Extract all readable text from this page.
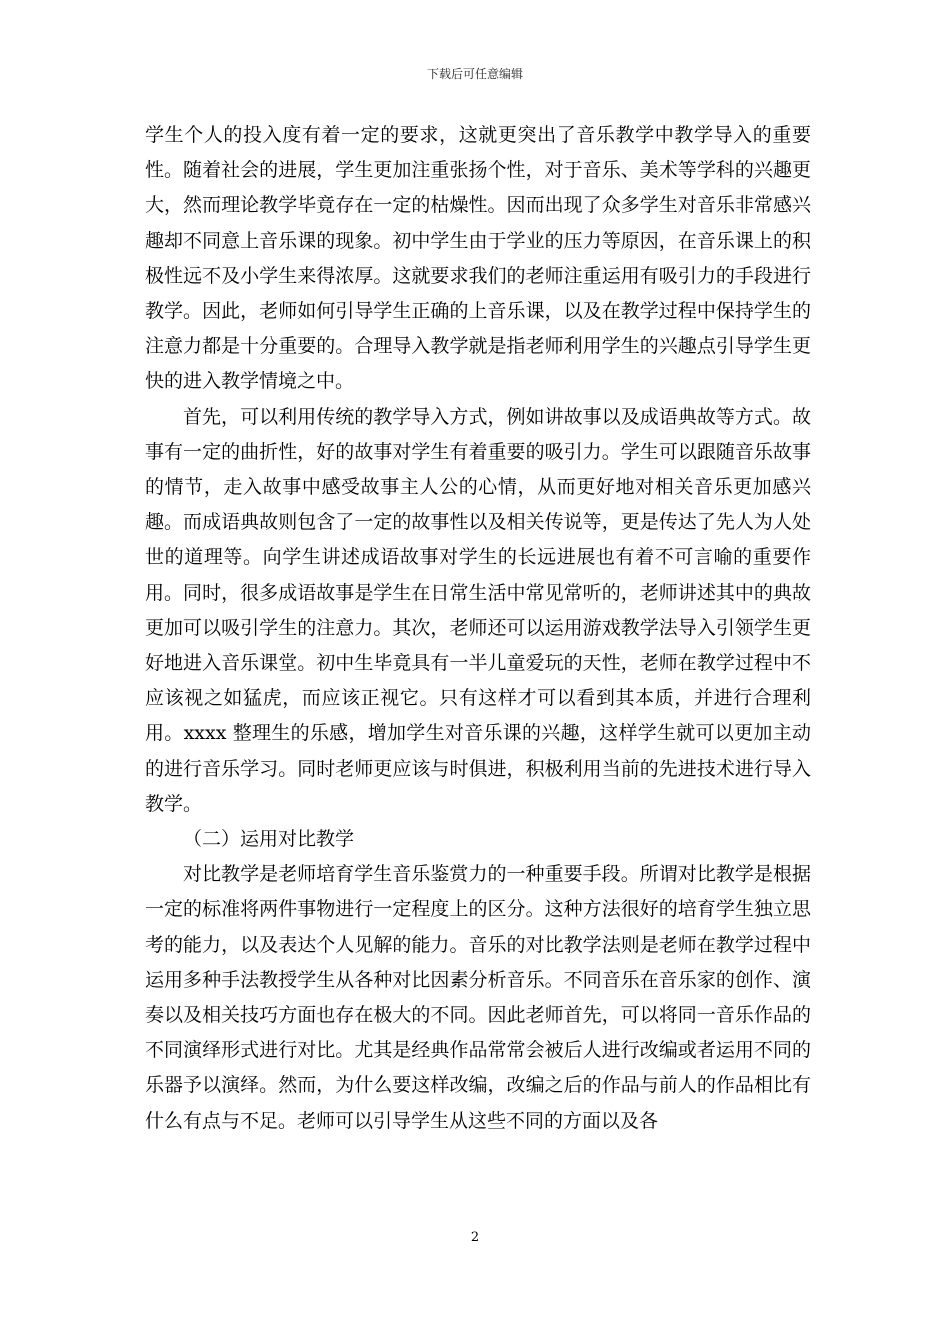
下载后可任意编辑

学生个人的投入度有着一定的要求，这就更突出了音乐教学中教学导入的重要性。随着社会的进展，学生更加注重张扬个性，对于音乐、美术等学科的兴趣更大，然而理论教学毕竟存在一定的枯燥性。因而出现了众多学生对音乐非常感兴趣却不同意上音乐课的现象。初中学生由于学业的压力等原因，在音乐课上的积极性远不及小学生来得浓厚。这就要求我们的老师注重运用有吸引力的手段进行教学。因此，老师如何引导学生正确的上音乐课，以及在教学过程中保持学生的注意力都是十分重要的。合理导入教学就是指老师利用学生的兴趣点引导学生更快的进入教学情境之中。

首先，可以利用传统的教学导入方式，例如讲故事以及成语典故等方式。故事有一定的曲折性，好的故事对学生有着重要的吸引力。学生可以跟随音乐故事的情节，走入故事中感受故事主人公的心情，从而更好地对相关音乐更加感兴趣。而成语典故则包含了一定的故事性以及相关传说等，更是传达了先人为人处世的道理等。向学生讲述成语故事对学生的长远进展也有着不可言喻的重要作用。同时，很多成语故事是学生在日常生活中常见常听的，老师讲述其中的典故更加可以吸引学生的注意力。其次，老师还可以运用游戏教学法导入引领学生更好地进入音乐课堂。初中生毕竟具有一半儿童爱玩的天性，老师在教学过程中不应该视之如猛虎，而应该正视它。只有这样才可以看到其本质，并进行合理利用。xxxx 整理生的乐感，增加学生对音乐课的兴趣，这样学生就可以更加主动的进行音乐学习。同时老师更应该与时俱进，积极利用当前的先进技术进行导入教学。

（二）运用对比教学

对比教学是老师培育学生音乐鉴赏力的一种重要手段。所谓对比教学是根据一定的标准将两件事物进行一定程度上的区分。这种方法很好的培育学生独立思考的能力，以及表达个人见解的能力。音乐的对比教学法则是老师在教学过程中运用多种手法教授学生从各种对比因素分析音乐。不同音乐在音乐家的创作、演奏以及相关技巧方面也存在极大的不同。因此老师首先，可以将同一音乐作品的不同演绎形式进行对比。尤其是经典作品常常会被后人进行改编或者运用不同的乐器予以演绎。然而，为什么要这样改编，改编之后的作品与前人的作品相比有什么有点与不足。老师可以引导学生从这些不同的方面以及各

2
